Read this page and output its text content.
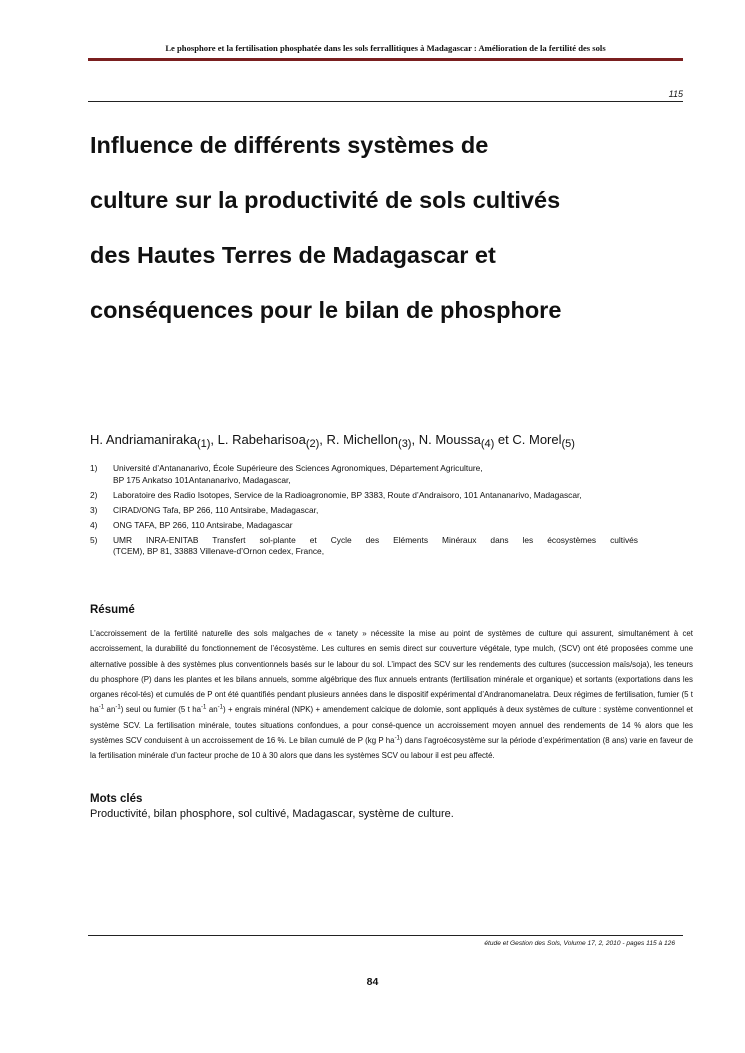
Le phosphore et la fertilisation phosphatée dans les sols ferrallitiques à Madagascar : Amélioration de la fertilité des sols
115
Influence de différents systèmes de
culture sur la productivité de sols cultivés
des Hautes Terres de Madagascar et
conséquences pour le bilan de phosphore
H. Andriamaniraka$_{(1)}$, L. Rabeharisoa$_{(2)}$, R. Michellon$_{(3)}$, N. Moussa$_{(4)}$ et C. Morel$_{(5)}$
1)	Université d’Antananarivo, École Supérieure des Sciences Agronomiques, Département Agriculture,
BP 175 Ankatso 101Antananarivo, Madagascar,
2)	Laboratoire des Radio Isotopes, Service de la Radioagronomie, BP 3383, Route d’Andraisoro, 101 Antananarivo, Madagascar,
3)	CIRAD/ONG Tafa, BP 266, 110 Antsirabe, Madagascar,
4)	ONG TAFA, BP 266, 110 Antsirabe, Madagascar
5)	UMR INRA-ENITAB Transfert sol-plante et Cycle des Eléments Minéraux dans les écosystèmes cultivés
(TCEM), BP 81, 33883 Villenave-d’Ornon cedex, France,
Résumé

L’accroissement de la fertilité naturelle des sols malgaches de « tanety » nécessite la mise au point de systèmes de culture qui assurent, simultanément à cet accroissement, la durabilité du fonctionnement de l’écosystème. Les cultures en semis direct sur couverture végétale, type mulch, (SCV) ont été proposées comme une alternative possible à des systèmes plus conventionnels basés sur le labour du sol. L’impact des SCV sur les rendements des cultures (succession maïs/soja), les teneurs du phosphore (P) dans les plantes et les bilans annuels, somme algébrique des flux annuels entrants (fertilisation minérale et organique) et sortants (exportations dans les organes récol-tés) et cumulés de P ont été quantifiés pendant plusieurs années dans le dispositif expérimental d’Andranomanelatra. Deux régimes de fertilisation, fumier (5 t $ha^{-1}$ $an^{-1}$) seul ou fumier (5 t $ha^{-1}$ $an^{-1}$) + engrais minéral (NPK) + amendement calcique de dolomie, sont appliqués à deux systèmes de culture : système conventionnel et système SCV. La fertilisation minérale, toutes situations confondues, a pour consé-quence un accroissement moyen annuel des rendements de 14 % alors que les systèmes SCV conduisent à un accroissement de 16 %. Le bilan cumulé de P (kg P $ha^{-1}$) dans l’agroécosystème sur la période d’expérimentation (8 ans) varie en faveur de la fertilisation minérale d’un facteur proche de 10 à 30 alors que dans les systèmes SCV ou labour il est peu affecté.

Mots clés
Productivité, bilan phosphore, sol cultivé, Madagascar, système de culture.
étude et Gestion des Sols, Volume 17, 2, 2010 - pages 115 à 126
84
